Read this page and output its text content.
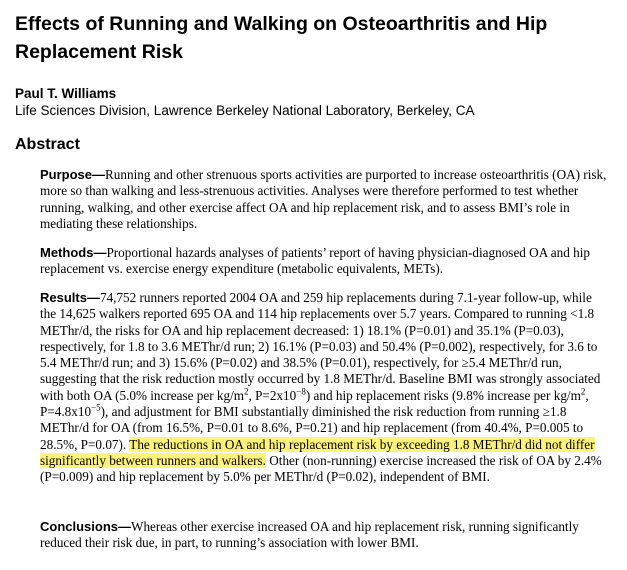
Effects of Running and Walking on Osteoarthritis and Hip Replacement Risk

Paul T. Williams

Life Sciences Division, Lawrence Berkeley National Laboratory, Berkeley, CA

Abstract

Purpose—Running and other strenuous sports activities are purported to increase osteoarthritis (OA) risk, more so than walking and less-strenuous activities. Analyses were therefore performed to test whether running, walking, and other exercise affect OA and hip replacement risk, and to assess BMI’s role in mediating these relationships.

Methods—Proportional hazards analyses of patients’ report of having physician-diagnosed OA and hip replacement vs. exercise energy expenditure (metabolic equivalents, METs).

Results—74,752 runners reported 2004 OA and 259 hip replacements during 7.1-year follow-up, while the 14,625 walkers reported 695 OA and 114 hip replacements over 5.7 years. Compared to running <1.8 METhr/d, the risks for OA and hip replacement decreased: 1) 18.1% (P=0.01) and 35.1% (P=0.03), respectively, for 1.8 to 3.6 METhr/d run; 2) 16.1% (P=0.03) and 50.4% (P=0.002), respectively, for 3.6 to 5.4 METhr/d run; and 3) 15.6% (P=0.02) and 38.5% (P=0.01), respectively, for ≥5.4 METhr/d run, suggesting that the risk reduction mostly occurred by 1.8 METhr/d. Baseline BMI was strongly associated with both OA (5.0% increase per $kg/m^2$, $P=2x10^{-8}$) and hip replacement risks (9.8% increase per $kg/m^2$, $P=4.8x10^{-5}$), and adjustment for BMI substantially diminished the risk reduction from running ≥1.8 METhr/d for OA (from 16.5%, P=0.01 to 8.6%, P=0.21) and hip replacement (from 40.4%, P=0.005 to 28.5%, P=0.07). The reductions in OA and hip replacement risk by exceeding 1.8 METhr/d did not differ significantly between runners and walkers. Other (non-running) exercise increased the risk of OA by 2.4% (P=0.009) and hip replacement by 5.0% per METhr/d (P=0.02), independent of BMI.

Conclusions—Whereas other exercise increased OA and hip replacement risk, running significantly reduced their risk due, in part, to running’s association with lower BMI.
